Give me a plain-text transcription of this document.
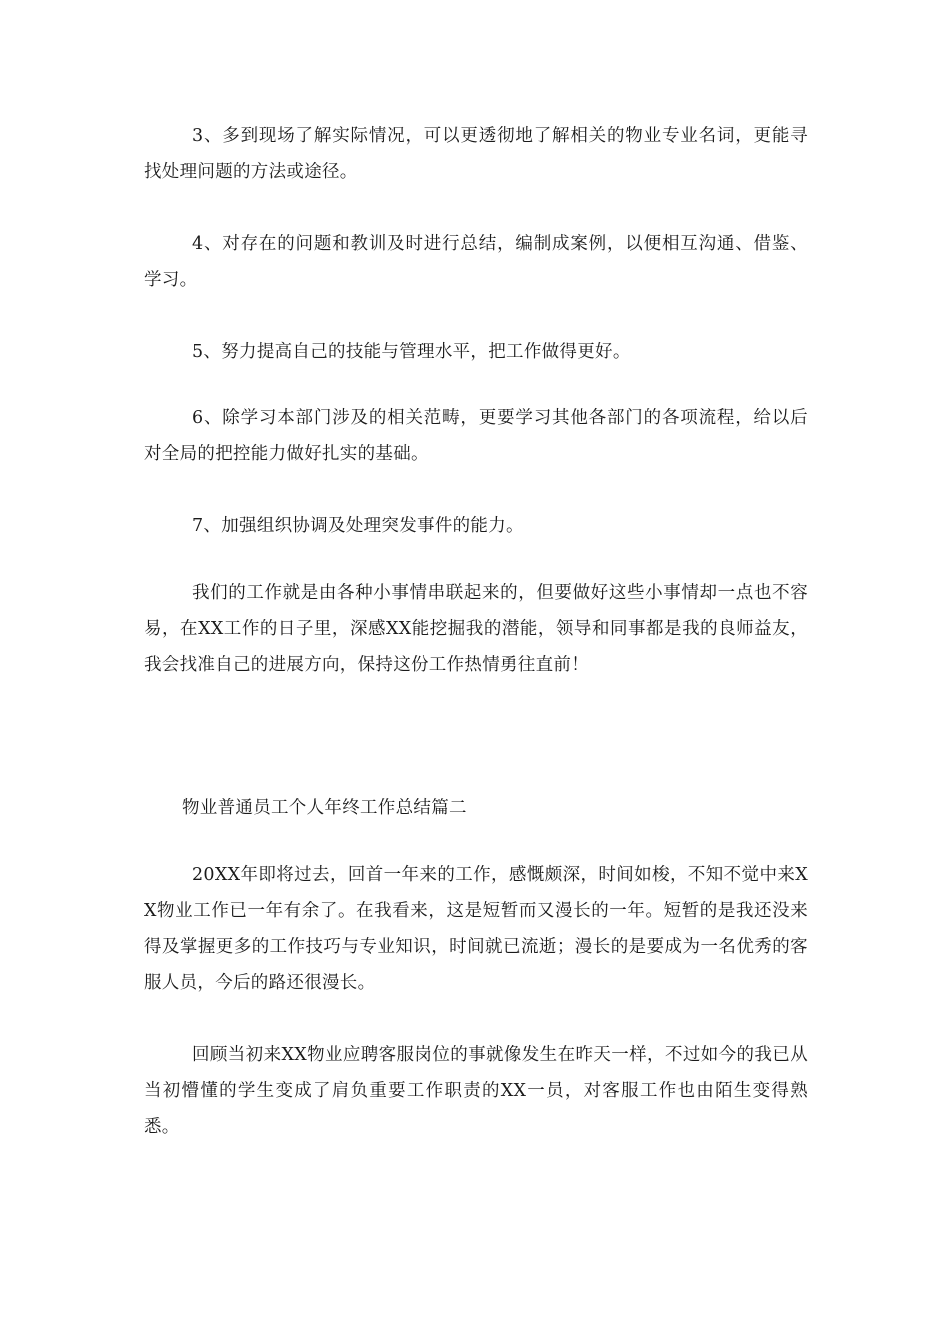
3、多到现场了解实际情况，可以更透彻地了解相关的物业专业名词，更能寻找处理问题的方法或途径。

4、对存在的问题和教训及时进行总结，编制成案例，以便相互沟通、借鉴、学习。

5、努力提高自己的技能与管理水平，把工作做得更好。

6、除学习本部门涉及的相关范畴，更要学习其他各部门的各项流程，给以后对全局的把控能力做好扎实的基础。

7、加强组织协调及处理突发事件的能力。

我们的工作就是由各种小事情串联起来的，但要做好这些小事情却一点也不容易，在XX工作的日子里，深感XX能挖掘我的潜能，领导和同事都是我的良师益友，我会找准自己的进展方向，保持这份工作热情勇往直前！

物业普通员工个人年终工作总结篇二

20XX年即将过去，回首一年来的工作，感慨颇深，时间如梭，不知不觉中来XX物业工作已一年有余了。在我看来，这是短暂而又漫长的一年。短暂的是我还没来得及掌握更多的工作技巧与专业知识，时间就已流逝；漫长的是要成为一名优秀的客服人员，今后的路还很漫长。

回顾当初来XX物业应聘客服岗位的事就像发生在昨天一样，不过如今的我已从当初懵懂的学生变成了肩负重要工作职责的XX一员，对客服工作也由陌生变得熟悉。
